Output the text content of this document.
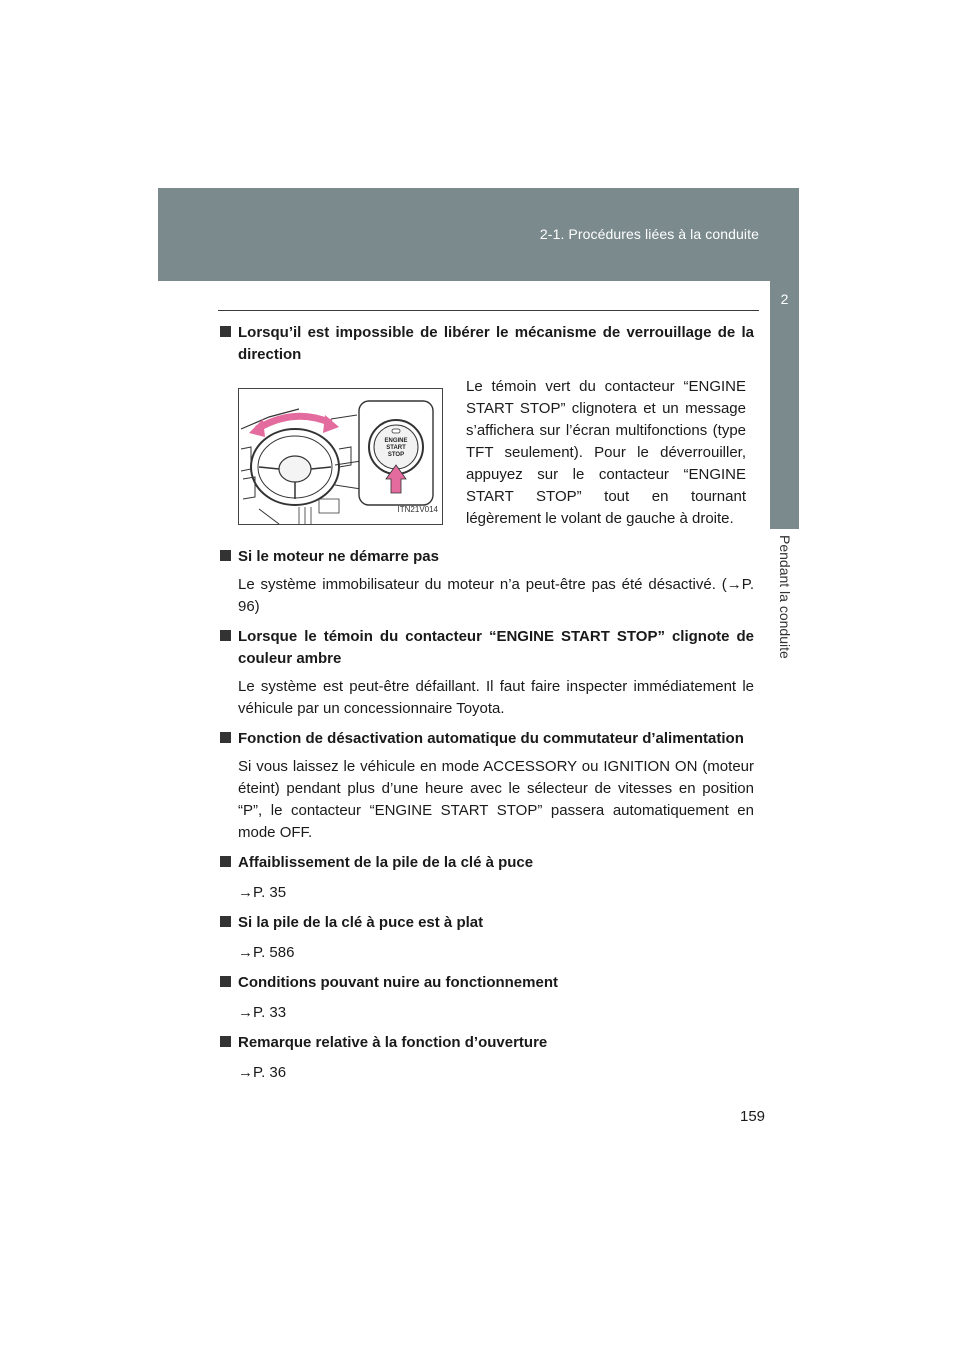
2-1. Procédures liées à la conduite
2
Pendant la conduite
Lorsqu’il est impossible de libérer le mécanisme de verrouillage de la direction
ENGINE
START
STOP
ITN21V014
Le témoin vert du contacteur “ENGINE START STOP” clignotera et un message s’affichera sur l’écran multifonctions (type TFT seulement). Pour le déverrouiller, appuyez sur le contacteur “ENGINE START STOP” tout en tournant légèrement le volant de gauche à droite.
Si le moteur ne démarre pas
Le système immobilisateur du moteur n’a peut-être pas été désactivé. (→P. 96)
Lorsque le témoin du contacteur “ENGINE START STOP” clignote de couleur ambre
Le système est peut-être défaillant. Il faut faire inspecter immédiatement le véhicule par un concessionnaire Toyota.
Fonction de désactivation automatique du commutateur d’alimentation
Si vous laissez le véhicule en mode ACCESSORY ou IGNITION ON (moteur éteint) pendant plus d’une heure avec le sélecteur de vitesses en position “P”, le contacteur “ENGINE START STOP” passera automatiquement en mode OFF.
Affaiblissement de la pile de la clé à puce
→P. 35
Si la pile de la clé à puce est à plat
→P. 586
Conditions pouvant nuire au fonctionnement
→P. 33
Remarque relative à la fonction d’ouverture
→P. 36
159
